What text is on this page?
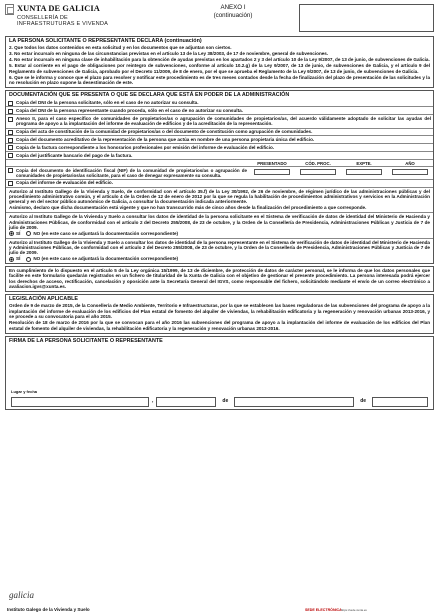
XUNTA DE GALICIA
CONSELLERÍA DE
INFRAESTRUTURAS E VIVENDA
ANEXO I
(continuación)
LA PERSONA SOLICITANTE O REPRESENTANTE DECLARA (continuación)

2. Que todos los datos contenidos en esta solicitud y en los documentos que se adjuntan son ciertos.

3. No estar incursa/o en ninguna de las circunstancias previstas en el artículo 13 de la Ley 38/2003, de 17 de noviembre, general de subvenciones.

4. No estar incursa/o en ninguna clase de inhabilitación para la obtención de ayudas previstas en los apartados 2 y 3 del artículo 10 de la Ley 9/2007, de 13 de junio, de subvenciones de Galicia.

5. Estar al corriente en el pago de obligaciones por reintegro de subvenciones, conforme al artículo 10.2.g) de la Ley 9/2007, de 13 de junio, de subvenciones de Galicia, y el artículo 9 del Reglamento de subvenciones de Galicia, aprobado por el Decreto 11/2009, de 8 de enero, por el que se aprueba el Reglamento de la Ley 9/2007, de 13 de junio, de subvenciones de Galicia.

6. Que se le informa y conoce que el plazo para resolver y notificar este procedimiento es de tres meses contados desde la fecha de finalización del plazo de presentación de las solicitudes y la no resolución en plazo supone la desestimación de este.

DOCUMENTACIÓN QUE SE PRESENTA O QUE SE DECLARA QUE ESTÁ EN PODER DE LA ADMINISTRACIÓN
Copia del DNI de la persona solicitante, sólo en el caso de no autorizar su consulta.
Copia del DNI de la persona representante cuando proceda, sólo en el caso de no autorizar su consulta.
Anexo II, para el caso específico de comunidades de propietarios/as o agrupación de comunidades de propietarios/as, del acuerdo válidamente adoptado de solicitar las ayudas del programa de apoyo a la implantación del informe de evaluación de edificios y de la acreditación de la representación.
Copia del acta de constitución de la comunidad de propietarios/as o del documento de constitución como agrupación de comunidades.
Copia del documento acreditativo de la representación de la persona que actúa en nombre de una persona propietaria única del edificio.
Copia de la factura correspondiente a los honorarios profesionales por emisión del informe de evaluación del edificio.
Copia del justificante bancario del pago de la factura.
	PRESENTADO	CÓD. PROC.	EXPTE.	AÑO

Copia del documento de identificación fiscal (NIF) de la comunidad de propietarios/as o agrupación de comunidades de propietarios/as solicitante, para el caso de denegar expresamente su consulta.				

Copia del informe de evaluación del edificio.

Autorizo al Instituto Gallego de la Vivienda y Suelo, de conformidad con el artículo 35.f) de la Ley 30/1992, de 26 de noviembre, de régimen jurídico de las administraciones públicas y del procedimiento administrativo común, y el artículo 4 de la Orden de 12 de enero de 2012 por la que se regula la habilitación de procedimientos administrativos y servicios en la Administración general y en del sector público autonómico de Galicia, a consultar la documentación indicada anteriormente.

Asimismo, declaro que dicha documentación está vigente y que no han transcurrido más de cinco años desde la finalización del procedimiento a que corresponde.

Autorizo al Instituto Gallego de la Vivienda y Suelo a consultar los datos de identidad de la persona solicitante en el Sistema de verificación de datos de identidad del Ministerio de Hacienda y Administraciones Públicas, de conformidad con el artículo 2 del Decreto 255/2008, de 23 de octubre, y la Orden de la Consellería de Presidencia, Administraciones Públicas y Justicia de 7 de julio de 2009.

SÍ	NO (en este caso se adjuntará la documentación correspondiente)

Autorizo al Instituto Gallego de la Vivienda y Suelo a consultar los datos de identidad de la persona representante en el Sistema de verificación de datos de identidad del Ministerio de Hacienda y Administraciones Públicas, de conformidad con el artículo 2 del Decreto 255/2008, de 23 de octubre, y la Orden de la Consellería de Presidencia, Administraciones Públicas y Justicia de 7 de julio de 2009.

SÍ	NO (en este caso se adjuntará la documentación correspondiente)

En cumplimiento de lo dispuesto en el artículo 5 de la Ley orgánica 15/1999, de 13 de diciembre, de protección de datos de carácter personal, se le informa de que los datos personales que facilite en este formulario quedarán registrados en un fichero de titularidad de la Xunta de Galicia con el objetivo de gestionar el presente procedimiento. La persona interesada podrá ejercer los derechos de acceso, rectificación, cancelación y oposición ante la Secretaría General del IGVS, como responsable del fichero, solicitándolo mediante el envío de un correo electrónico a avaliacion.igvs@xunta.es.

LEGISLACIÓN APLICABLE

Orden de 9 de marzo de 2015, de la Consellería de Medio Ambiente, Territorio e Infraestructuras, por la que se establecen las bases reguladoras de las subvenciones del programa de apoyo a la implantación del informe de evaluación de los edificios del Plan estatal de fomento del alquiler de viviendas, la rehabilitación edificatoria y la regeneración y renovación urbanas 2013-2016, y se procede a su convocatoria para el año 2015.

Resolución de 18 de marzo de 2016 por la que se convocan para el año 2016 las subvenciones del programa de apoyo a la implantación del informe de evaluación de los edificios del Plan estatal de fomento del alquiler de viviendas, la rehabilitación edificatoria y la regeneración y renovación urbanas 2013-2016.

FIRMA DE LA PERSONA SOLICITANTE O REPRESENTANTE
Lugar y fecha
,	de	de
galicia
Instituto Galego de la Vivienda y Suelo	SEDE ELECTRÓNICA https://sede.xunta.es
